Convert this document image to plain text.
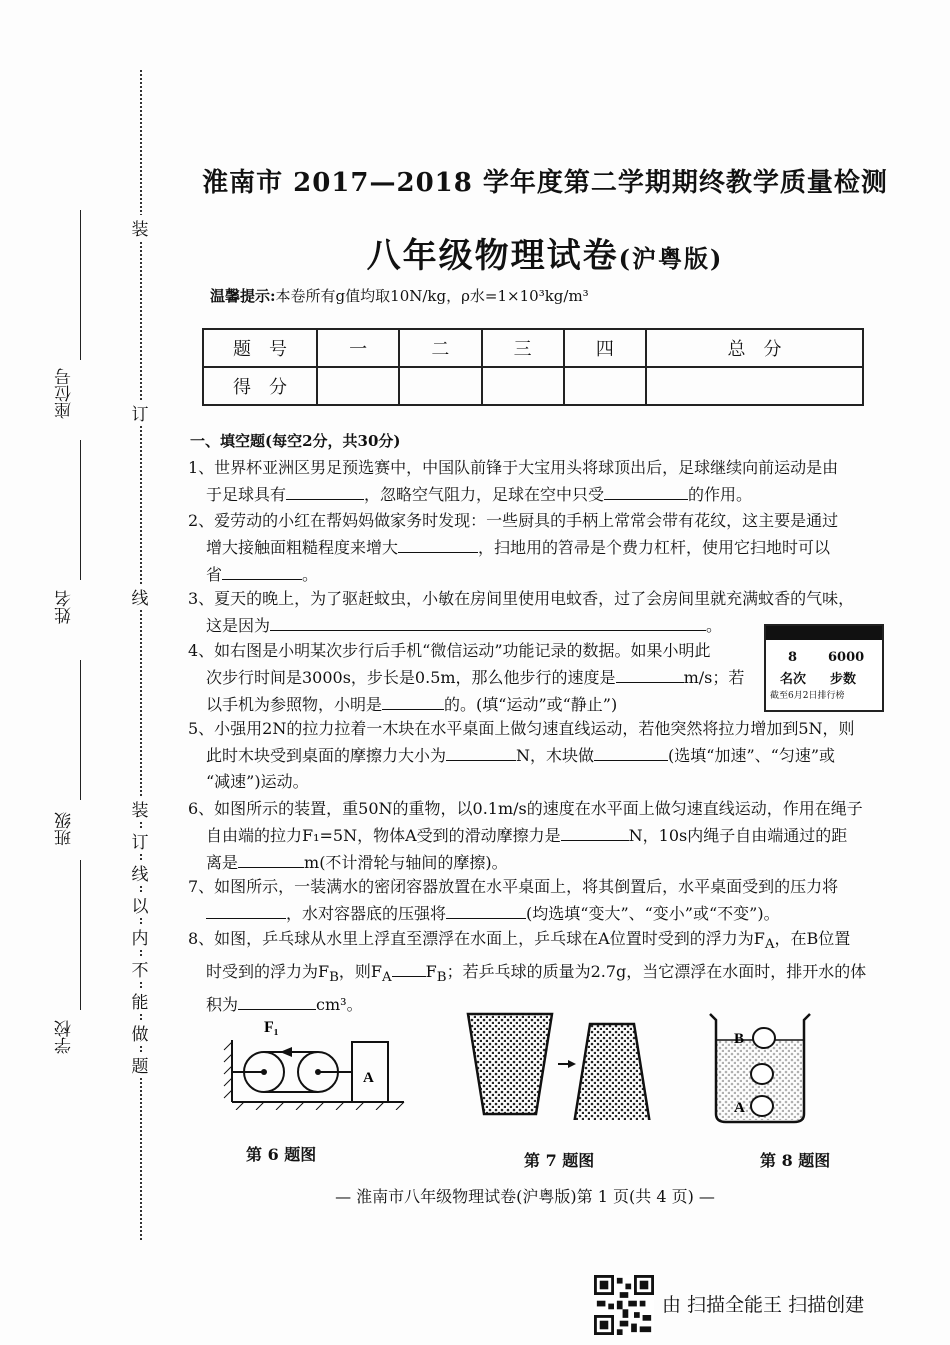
装
订
线
装
订
线
以
内
不
能
做
题
座位号
姓名
班级
学校
淮南市 2017—2018 学年度第二学期期终教学质量检测
八年级物理试卷(沪粤版)
温馨提示:本卷所有g值均取10N/kg，ρ水=1×10³kg/m³
题　号	一	二	三	四	总　分
得　分					
一、填空题(每空2分，共30分)
1、世界杯亚洲区男足预选赛中，中国队前锋于大宝用头将球顶出后，足球继续向前运动是由

于足球具有	，忽略空气阻力，足球在空中只受	的作用。
2、爱劳动的小红在帮妈妈做家务时发现：一些厨具的手柄上常常会带有花纹，这主要是通过

增大接触面粗糙程度来增大	，扫地用的笤帚是个费力杠杆，使用它扫地时可以
省	。
3、夏天的晚上，为了驱赶蚊虫，小敏在房间里使用电蚊香，过了会房间里就充满蚊香的气味，

这是因为	。
4、如右图是小明某次步行后手机“微信运动”功能记录的数据。如果小明此

次步行时间是3000s，步长是0.5m，那么他步行的速度是	m/s；若
以手机为参照物，小明是	的。(填“运动”或“静止”)
8 6000
名次 步数
截至6月2日排行榜
5、小强用2N的拉力拉着一木块在水平桌面上做匀速直线运动，若他突然将拉力增加到5N，则

此时木块受到桌面的摩擦力大小为	N，木块做	(选填“加速”、“匀速”或
“减速”)运动。
6、如图所示的装置，重50N的重物，以0.1m/s的速度在水平面上做匀速直线运动，作用在绳子

自由端的拉力F₁=5N，物体A受到的滑动摩擦力是	N，10s内绳子自由端通过的距
离是	m(不计滑轮与轴间的摩擦)。
7、如图所示，一装满水的密闭容器放置在水平桌面上，将其倒置后，水平桌面受到的压力将

，水对容器底的压强将	(均选填“变大”、“变小”或“不变”)。
8、如图，乒乓球从水里上浮直至漂浮在水面上，乒乓球在A位置时受到的浮力为$F_A$，在B位置

时受到的浮力为$F_B$，则$F_A$ $F_B$；若乒乓球的质量为2.7g，当它漂浮在水面时，排开水的体
积为	cm³。
F₁
A
B
A
第 6 题图	第 7 题图	第 8 题图
— 淮南市八年级物理试卷(沪粤版)第 1 页(共 4 页) —
由 扫描全能王 扫描创建
